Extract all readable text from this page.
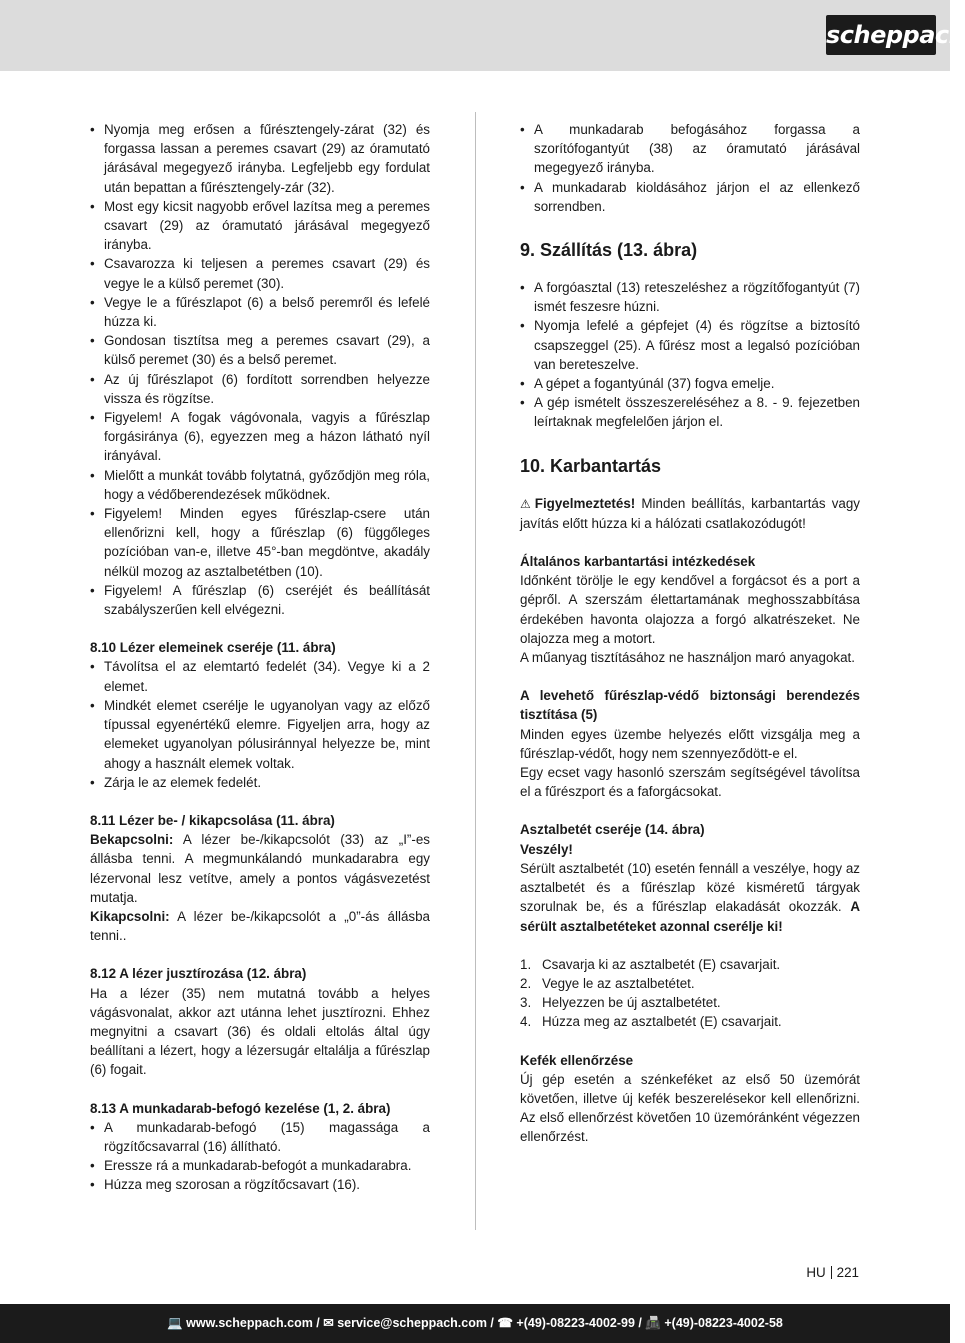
scheppach
• Nyomja meg erősen a fűrésztengely-zárat (32) és forgassa lassan a peremes csavart (29) az óramutató járásával megegyező irányba. Legfeljebb egy fordulat után bepattan a fűrésztengely-zár (32).
• Most egy kicsit nagyobb erővel lazítsa meg a peremes csavart (29) az óramutató járásával megegyező irányba.
• Csavarozza ki teljesen a peremes csavart (29) és vegye le a külső peremet (30).
• Vegye le a fűrészlapot (6) a belső peremről és lefelé húzza ki.
• Gondosan tisztítsa meg a peremes csavart (29), a külső peremet (30) és a belső peremet.
• Az új fűrészlapot (6) fordított sorrendben helyezze vissza és rögzítse.
• Figyelem! A fogak vágóvonala, vagyis a fűrészlap forgásiránya (6), egyezzen meg a házon látható nyíl irányával.
• Mielőtt a munkát tovább folytatná, győződjön meg róla, hogy a védőberendezések működnek.
• Figyelem! Minden egyes fűrészlap-csere után ellenőrizni kell, hogy a fűrészlap (6) függőleges pozícióban van-e, illetve 45°-ban megdöntve, akadály nélkül mozog az asztalbetétben (10).
• Figyelem! A fűrészlap (6) cseréjét és beállítását szabályszerűen kell elvégezni.
8.10 Lézer elemeinek cseréje (11. ábra)
• Távolítsa el az elemtartó fedelét (34). Vegye ki a 2 elemet.
• Mindkét elemet cserélje le ugyanolyan vagy az előző típussal egyenértékű elemre. Figyeljen arra, hogy az elemeket ugyanolyan pólusiránnyal helyezze be, mint ahogy a használt elemek voltak.
• Zárja le az elemek fedelét.
8.11 Lézer be- / kikapcsolása (11. ábra)

Bekapcsolni: A lézer be-/kikapcsolót (33) az „I”-es állásba tenni. A megmunkálandó munkadarabra egy lézervonal lesz vetítve, amely a pontos vágásvezetést mutatja.

Kikapcsolni: A lézer be-/kikapcsolót a „0”-ás állásba tenni..

8.12 A lézer jusztírozása (12. ábra)

Ha a lézer (35) nem mutatná tovább a helyes vágásvonalat, akkor azt utánna lehet jusztírozni. Ehhez megnyitni a csavart (36) és oldali eltolás által úgy beállítani a lézert, hogy a lézersugár eltalálja a fűrészlap (6) fogait.

8.13 A munkadarab-befogó kezelése (1, 2. ábra)
• A munkadarab-befogó (15) magassága a rögzítőcsavarral (16) állítható.
• Eressze rá a munkadarab-befogót a munkadarabra.
• Húzza meg szorosan a rögzítőcsavart (16).
• A munkadarab befogásához forgassa a szorítófogantyút (38) az óramutató járásával megegyező irányba.
• A munkadarab kioldásához járjon el az ellenkező sorrendben.
9. Szállítás (13. ábra)
• A forgóasztal (13) reteszeléshez a rögzítőfogantyút (7) ismét feszesre húzni.
• Nyomja lefelé a gépfejet (4) és rögzítse a biztosító csapszeggel (25). A fűrész most a legalsó pozícióban van bereteszelve.
• A gépet a fogantyúnál (37) fogva emelje.
• A gép ismételt összeszereléséhez a 8. - 9. fejezetben leírtaknak megfelelően járjon el.
10. Karbantartás

⚠ Figyelmeztetés! Minden beállítás, karbantartás vagy javítás előtt húzza ki a hálózati csatlakozódugót!

Általános karbantartási intézkedések

Időnként törölje le egy kendővel a forgácsot és a port a gépről. A szerszám élettartamának meghosszabbítása érdekében havonta olajozza a forgó alkatrészeket. Ne olajozza meg a motort.

A műanyag tisztításához ne használjon maró anyagokat.

A levehető fűrészlap-védő biztonsági berendezés tisztítása (5)

Minden egyes üzembe helyezés előtt vizsgálja meg a fűrészlap-védőt, hogy nem szennyeződött-e el.

Egy ecset vagy hasonló szerszám segítségével távolítsa el a fűrészport és a faforgácsokat.

Asztalbetét cseréje (14. ábra)
Veszély!

Sérült asztalbetét (10) esetén fennáll a veszélye, hogy az asztalbetét és a fűrészlap közé kisméretű tárgyak szorulnak be, és a fűrészlap elakadását okozzák. A sérült asztalbetéteket azonnal cserélje ki!

1. Csavarja ki az asztalbetét (E) csavarjait.
2. Vegye le az asztalbetétet.
3. Helyezzen be új asztalbetétet.
4. Húzza meg az asztalbetét (E) csavarjait.
Kefék ellenőrzése

Új gép esetén a szénkeféket az első 50 üzemórát követően, illetve új kefék beszerelésekor kell ellenőrizni. Az első ellenőrzést követően 10 üzemóránként végezzen ellenőrzést.

HU 221
💻 www.scheppach.com / ✉ service@scheppach.com / ☎ +(49)-08223-4002-99 / 📠 +(49)-08223-4002-58
